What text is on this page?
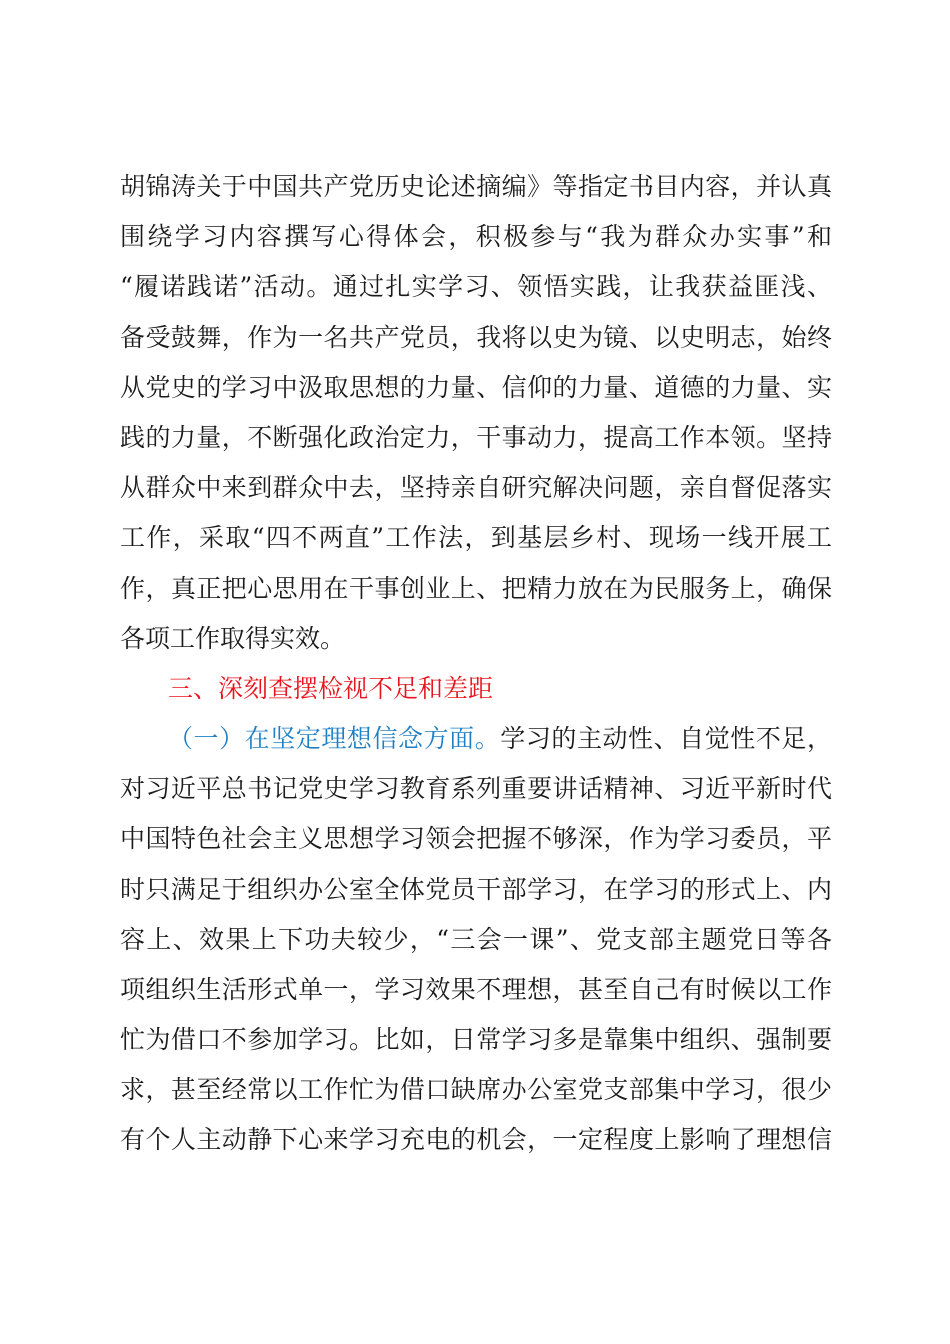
胡锦涛关于中国共产党历史论述摘编》等指定书目内容，并认真
围绕学习内容撰写心得体会，积极参与“我为群众办实事”和
“履诺践诺”活动。通过扎实学习、领悟实践，让我获益匪浅、
备受鼓舞，作为一名共产党员，我将以史为镜、以史明志，始终
从党史的学习中汲取思想的力量、信仰的力量、道德的力量、实
践的力量，不断强化政治定力，干事动力，提高工作本领。坚持
从群众中来到群众中去，坚持亲自研究解决问题，亲自督促落实
工作，采取“四不两直”工作法，到基层乡村、现场一线开展工
作，真正把心思用在干事创业上、把精力放在为民服务上，确保
各项工作取得实效。
三、深刻查摆检视不足和差距
（一）在坚定理想信念方面。学习的主动性、自觉性不足，
对习近平总书记党史学习教育系列重要讲话精神、习近平新时代
中国特色社会主义思想学习领会把握不够深，作为学习委员，平
时只满足于组织办公室全体党员干部学习，在学习的形式上、内
容上、效果上下功夫较少，“三会一课”、党支部主题党日等各
项组织生活形式单一，学习效果不理想，甚至自己有时候以工作
忙为借口不参加学习。比如，日常学习多是靠集中组织、强制要
求，甚至经常以工作忙为借口缺席办公室党支部集中学习，很少
有个人主动静下心来学习充电的机会，一定程度上影响了理想信
